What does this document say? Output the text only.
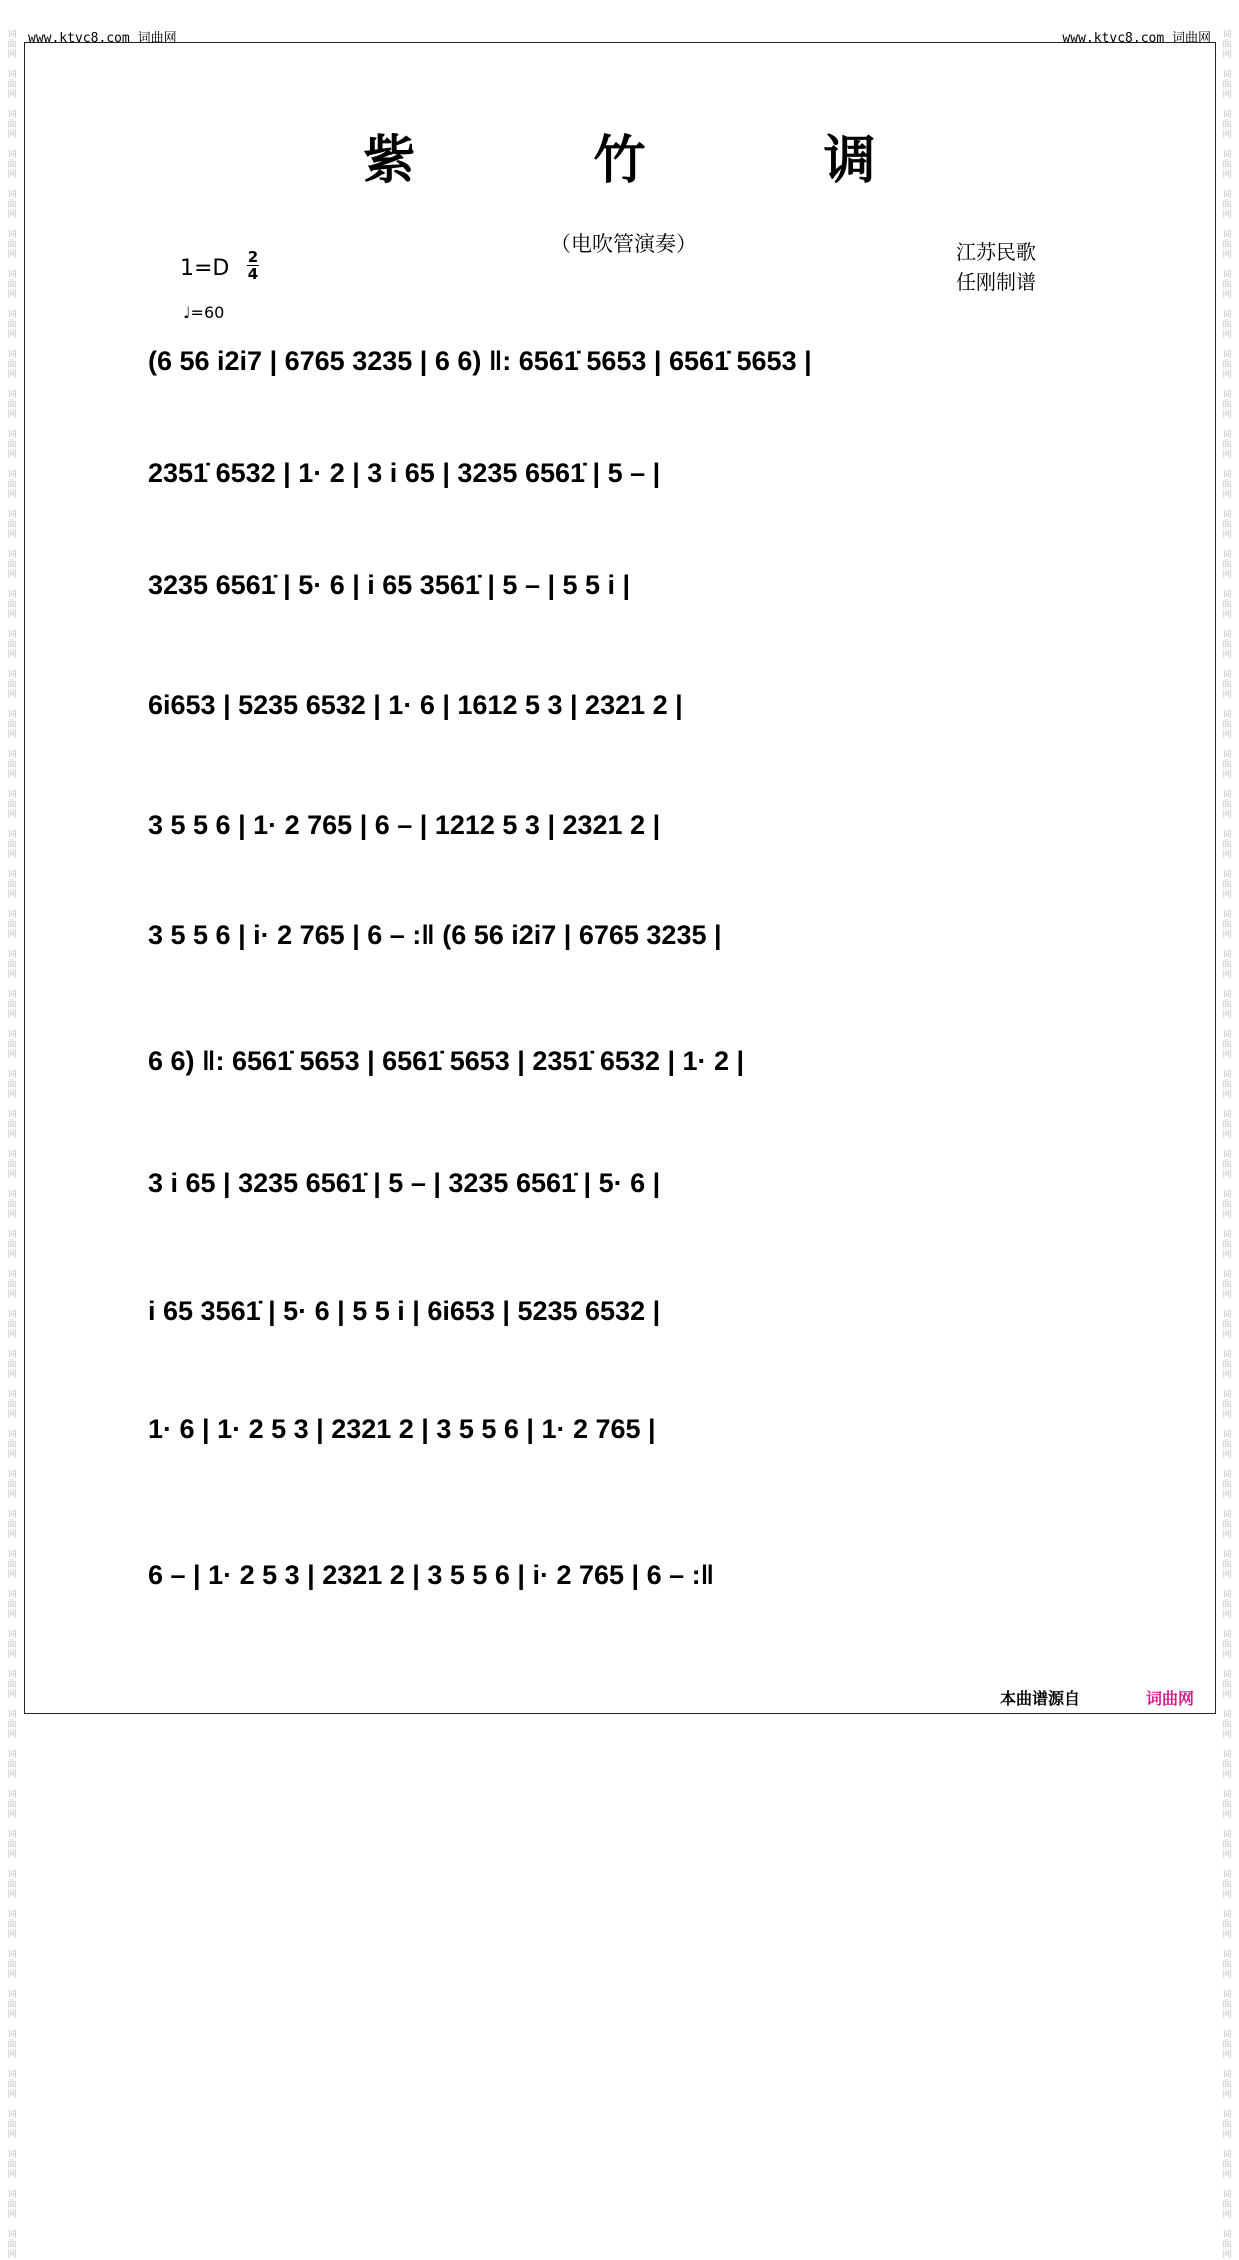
词
曲
网

词
曲
网

词
曲
网

词
曲
网

词
曲
网

词
曲
网

词
曲
网

词
曲
网

词
曲
网

词
曲
网

词
曲
网

词
曲
网

词
曲
网

词
曲
网

词
曲
网

词
曲
网

词
曲
网

词
曲
网

词
曲
网

词
曲
网

词
曲
网

词
曲
网

词
曲
网

词
曲
网

词
曲
网

词
曲
网

词
曲
网

词
曲
网

词
曲
网

词
曲
网

词
曲
网

词
曲
网

词
曲
网

词
曲
网

词
曲
网

词
曲
网

词
曲
网

词
曲
网

词
曲
网

词
曲
网

词
曲
网

词
曲
网

词
曲
网

词
曲
网

词
曲
网

词
曲
网

词
曲
网

词
曲
网

词
曲
网

词
曲
网

词
曲
网

词
曲
网

词
曲
网

词
曲
网

词
曲
网

词
曲
网

词
曲
网

词
曲
网

词
曲
网

词
曲
网

词
曲
网

词
曲
网

词
曲
网

词
曲
网

词
曲
网

词
曲
网

词
曲
网

词
曲
网

词
曲
网

词
曲
网

词
曲
网

词
曲
网

词
曲
网

词
曲
网

词
曲
网

词
曲
网

词
曲
网

词
曲
网

词
曲
网

词
曲
网

词
曲
网

词
曲
网

词
曲
网

词
曲
网

词
曲
网

词
曲
网

词
曲
网

词
曲
网

词
曲
网

词
曲
网

词
曲
网

词
曲
网

词
曲
网

词
曲
网

词
曲
网

词
曲
网

词
曲
网

词
曲
网

词
曲
网

词
曲
网

词
曲
网

词
曲
网

词
曲
网

词
曲
网

词
曲
网

词
曲
网

词
曲
网

词
曲
网

词
曲
网

词
曲
网

词
曲
网

词
曲
网

www.ktvc8.com 词曲网	www.ktvc8.com 词曲网
紫 竹 调
（电吹管演奏）	江苏民歌
任刚制谱
1=D 2
4
♩=60
(6 56 i2i7 | 6765 3235 | 6 6) ‖: 6561̇ 5653 | 6561̇ 5653 |
2351̇ 6532 | 1· 2 | 3 i 65 | 3235 6561̇ | 5 – |
3235 6561̇ | 5· 6 | i 65 3561̇ | 5 – | 5 5 i |
6i653 | 5235 6532 | 1· 6 | 1612 5 3 | 2321 2 |
3 5 5 6 | 1· 2 765 | 6 – | 1212 5 3 | 2321 2 |
3 5 5 6 | i· 2 765 | 6 – :‖ (6 56 i2i7 | 6765 3235 |
6 6) ‖: 6561̇ 5653 | 6561̇ 5653 | 2351̇ 6532 | 1· 2 |
3 i 65 | 3235 6561̇ | 5 – | 3235 6561̇ | 5· 6 |
i 65 3561̇ | 5· 6 | 5 5 i | 6i653 | 5235 6532 |
1· 6 | 1· 2 5 3 | 2321 2 | 3 5 5 6 | 1· 2 765 |
6 – | 1· 2 5 3 | 2321 2 | 3 5 5 6 | i· 2 765 | 6 – :‖
本曲谱源自	词曲网
